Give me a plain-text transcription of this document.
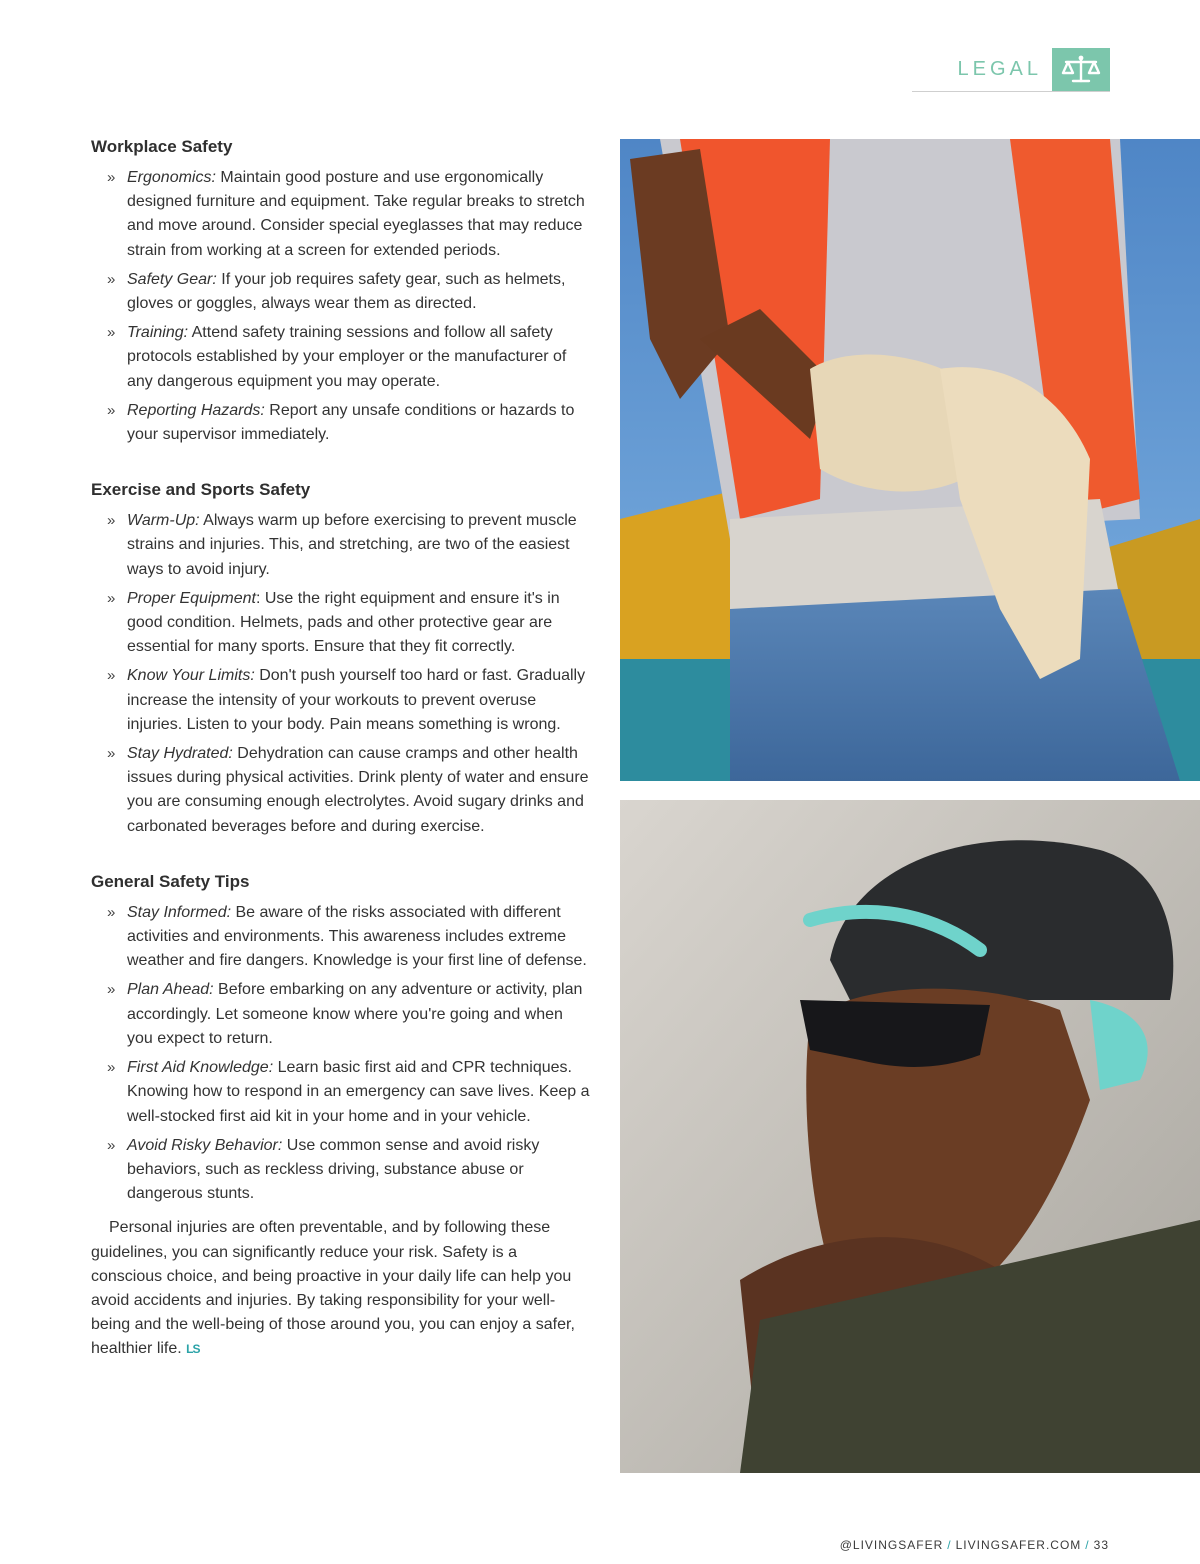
LEGAL
Workplace Safety
» Ergonomics: Maintain good posture and use ergonomically designed furniture and equipment. Take regular breaks to stretch and move around. Consider special eyeglasses that may reduce strain from working at a screen for extended periods.
» Safety Gear: If your job requires safety gear, such as helmets, gloves or goggles, always wear them as directed.
» Training: Attend safety training sessions and follow all safety protocols established by your employer or the manufacturer of any dangerous equipment you may operate.
» Reporting Hazards: Report any unsafe conditions or hazards to your supervisor immediately.
Exercise and Sports Safety
» Warm-Up: Always warm up before exercising to prevent muscle strains and injuries. This, and stretching, are two of the easiest ways to avoid injury.
» Proper Equipment: Use the right equipment and ensure it's in good condition. Helmets, pads and other protective gear are essential for many sports. Ensure that they fit correctly.
» Know Your Limits: Don't push yourself too hard or fast. Gradually increase the intensity of your workouts to prevent overuse injuries. Listen to your body. Pain means something is wrong.
» Stay Hydrated: Dehydration can cause cramps and other health issues during physical activities. Drink plenty of water and ensure you are consuming enough electrolytes. Avoid sugary drinks and carbonated beverages before and during exercise.
General Safety Tips
» Stay Informed: Be aware of the risks associated with different activities and environments. This awareness includes extreme weather and fire dangers. Knowledge is your first line of defense.
» Plan Ahead: Before embarking on any adventure or activity, plan accordingly. Let someone know where you're going and when you expect to return.
» First Aid Knowledge: Learn basic first aid and CPR techniques. Knowing how to respond in an emergency can save lives. Keep a well-stocked first aid kit in your home and in your vehicle.
» Avoid Risky Behavior: Use common sense and avoid risky behaviors, such as reckless driving, substance abuse or dangerous stunts.

Personal injuries are often preventable, and by following these guidelines, you can significantly reduce your risk. Safety is a conscious choice, and being proactive in your daily life can help you avoid accidents and injuries. By taking responsibility for your well-being and the well-being of those around you, you can enjoy a safer, healthier life. LS

@LIVINGSAFER / LIVINGSAFER.COM / 33
